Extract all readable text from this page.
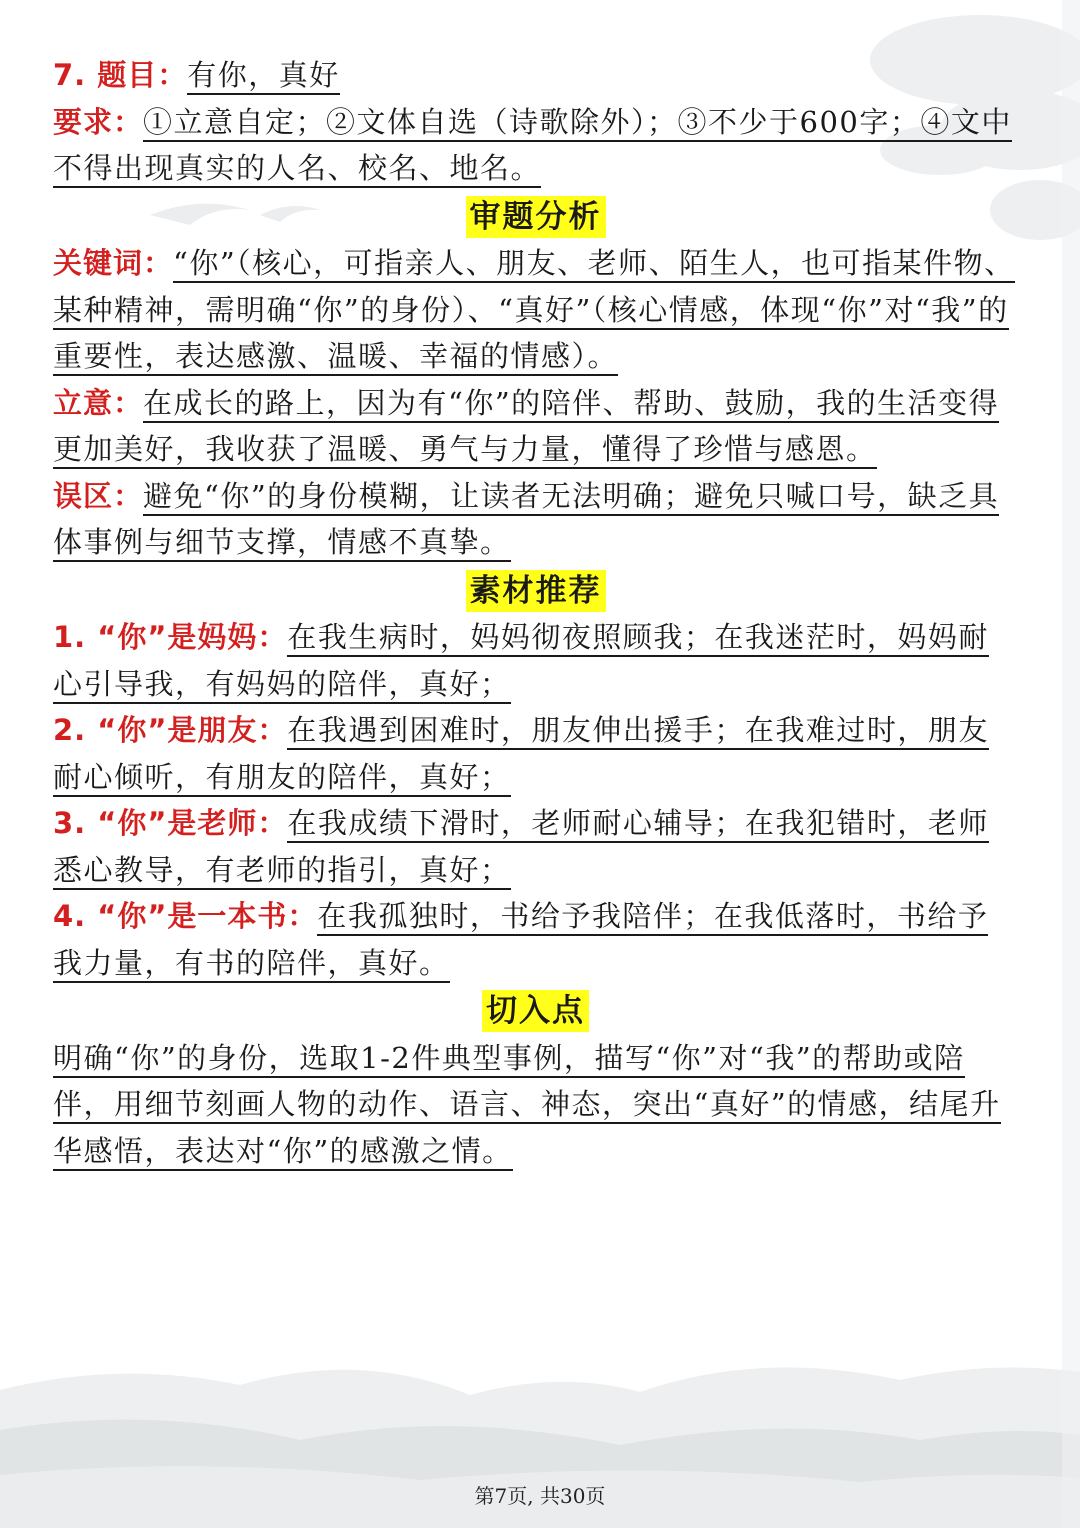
7. 题目：有你，真好

要求：①立意自定；②文体自选（诗歌除外）；③不少于600字；④文中不得出现真实的人名、校名、地名。

审题分析

关键词：“你”（核心，可指亲人、朋友、老师、陌生人，也可指某件物、某种精神，需明确“你”的身份）、“真好”（核心情感，体现“你”对“我”的重要性，表达感激、温暖、幸福的情感）。

立意：在成长的路上，因为有“你”的陪伴、帮助、鼓励，我的生活变得更加美好，我收获了温暖、勇气与力量，懂得了珍惜与感恩。

误区：避免“你”的身份模糊，让读者无法明确；避免只喊口号，缺乏具体事例与细节支撑，情感不真挚。

素材推荐

1. “你”是妈妈：在我生病时，妈妈彻夜照顾我；在我迷茫时，妈妈耐心引导我，有妈妈的陪伴，真好；

2. “你”是朋友：在我遇到困难时，朋友伸出援手；在我难过时，朋友耐心倾听，有朋友的陪伴，真好；

3. “你”是老师：在我成绩下滑时，老师耐心辅导；在我犯错时，老师悉心教导，有老师的指引，真好；

4. “你”是一本书：在我孤独时，书给予我陪伴；在我低落时，书给予我力量，有书的陪伴，真好。

切入点

明确“你”的身份，选取1-2件典型事例，描写“你”对“我”的帮助或陪伴，用细节刻画人物的动作、语言、神态，突出“真好”的情感，结尾升华感悟，表达对“你”的感激之情。

第7页, 共30页
